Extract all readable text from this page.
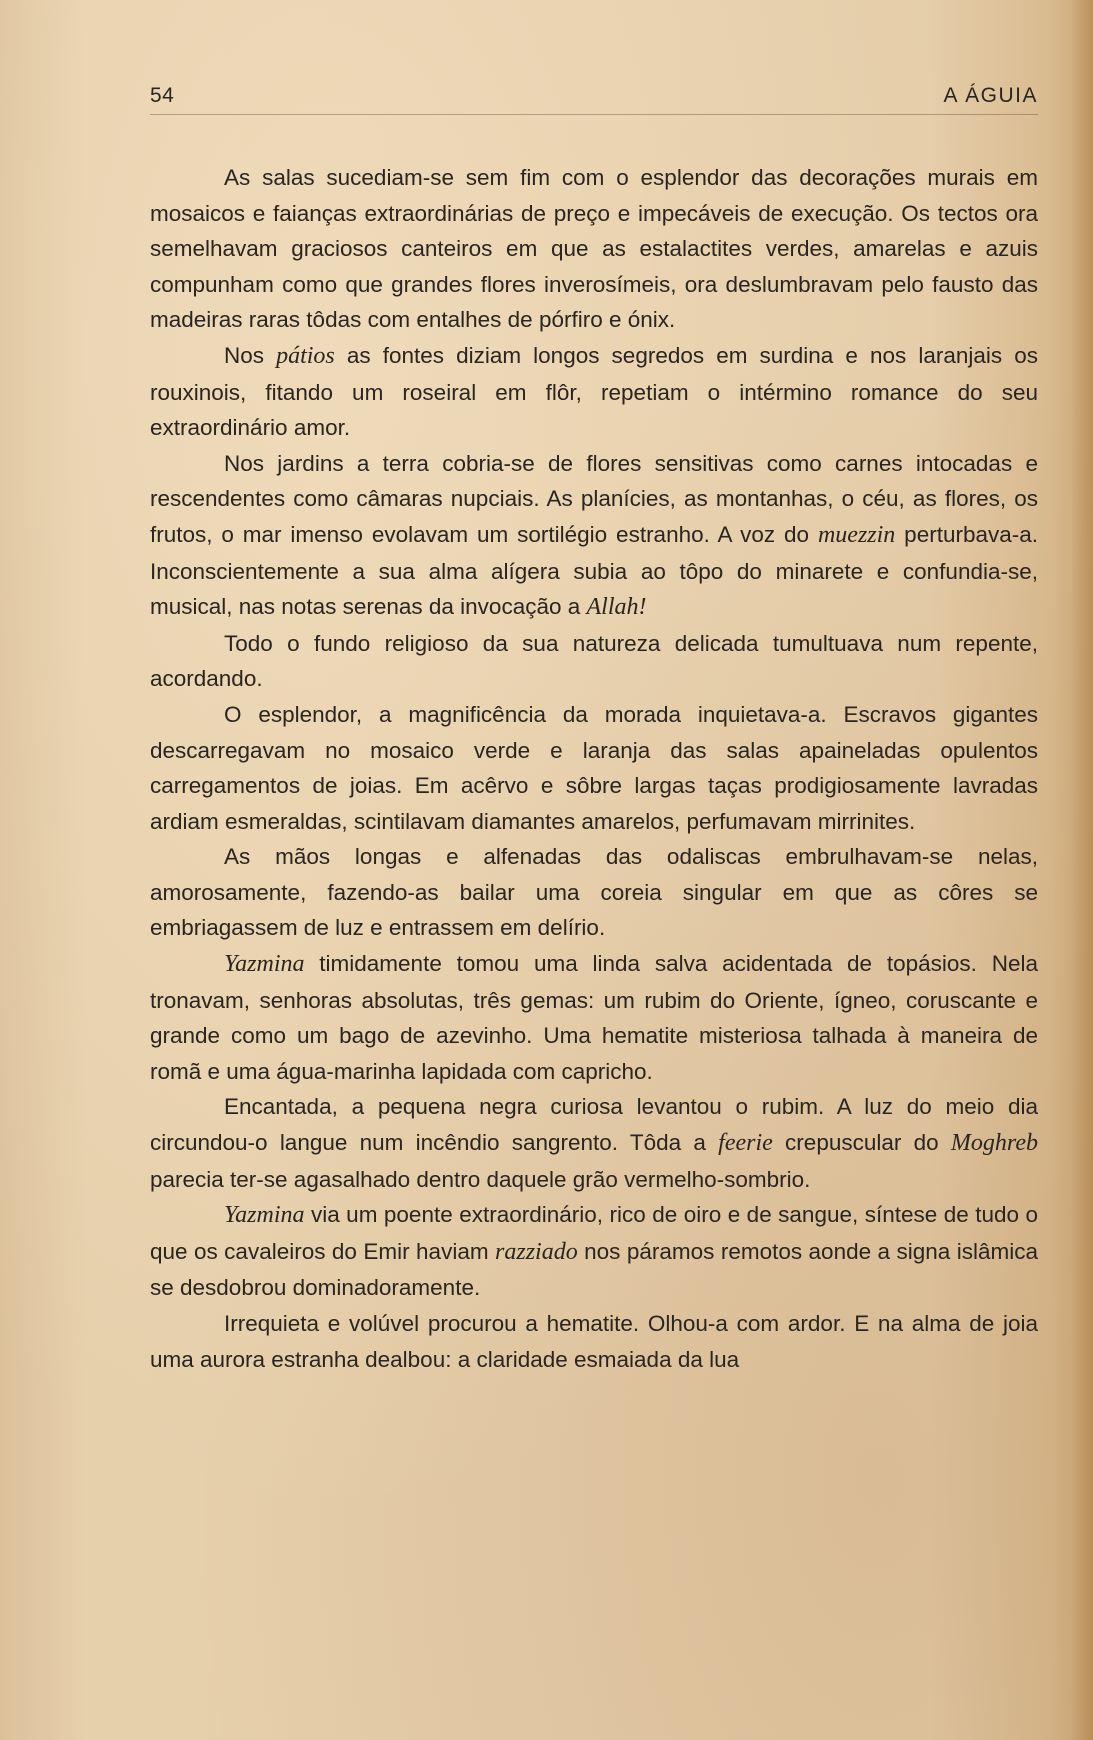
54	A ÁGUIA

As salas sucediam-se sem fim com o esplendor das decorações murais em mosaicos e faianças extraordinárias de preço e impecáveis de execução. Os tectos ora semelhavam graciosos canteiros em que as estalactites verdes, amarelas e azuis compunham como que grandes flores inverosímeis, ora deslumbravam pelo fausto das madeiras raras tôdas com entalhes de pórfiro e ónix.

Nos pátios as fontes diziam longos segredos em surdina e nos laranjais os rouxinois, fitando um roseiral em flôr, repetiam o intérmino romance do seu extraordinário amor.

Nos jardins a terra cobria-se de flores sensitivas como carnes intocadas e rescendentes como câmaras nupciais. As planícies, as montanhas, o céu, as flores, os frutos, o mar imenso evolavam um sortilégio estranho. A voz do muezzin perturbava-a. Inconscientemente a sua alma alígera subia ao tôpo do minarete e confundia-se, musical, nas notas serenas da invocação a Allah!

Todo o fundo religioso da sua natureza delicada tumultuava num repente, acordando.

O esplendor, a magnificência da morada inquietava-a. Escravos gigantes descarregavam no mosaico verde e laranja das salas apaineladas opulentos carregamentos de joias. Em acêrvo e sôbre largas taças prodigiosamente lavradas ardiam esmeraldas, scintilavam diamantes amarelos, perfumavam mirrinites.

As mãos longas e alfenadas das odaliscas embrulhavam-se nelas, amorosamente, fazendo-as bailar uma coreia singular em que as côres se embriagassem de luz e entrassem em delírio.

Yazmina timidamente tomou uma linda salva acidentada de topásios. Nela tronavam, senhoras absolutas, três gemas: um rubim do Oriente, ígneo, coruscante e grande como um bago de azevinho. Uma hematite misteriosa talhada à maneira de romã e uma água-marinha lapidada com capricho.

Encantada, a pequena negra curiosa levantou o rubim. A luz do meio dia circundou-o langue num incêndio sangrento. Tôda a feerie crepuscular do Moghreb parecia ter-se agasalhado dentro daquele grão vermelho-sombrio.

Yazmina via um poente extraordinário, rico de oiro e de sangue, síntese de tudo o que os cavaleiros do Emir haviam razziado nos páramos remotos aonde a signa islâmica se desdobrou dominadoramente.

Irrequieta e volúvel procurou a hematite. Olhou-a com ardor. E na alma de joia uma aurora estranha dealbou: a claridade esmaiada da lua
